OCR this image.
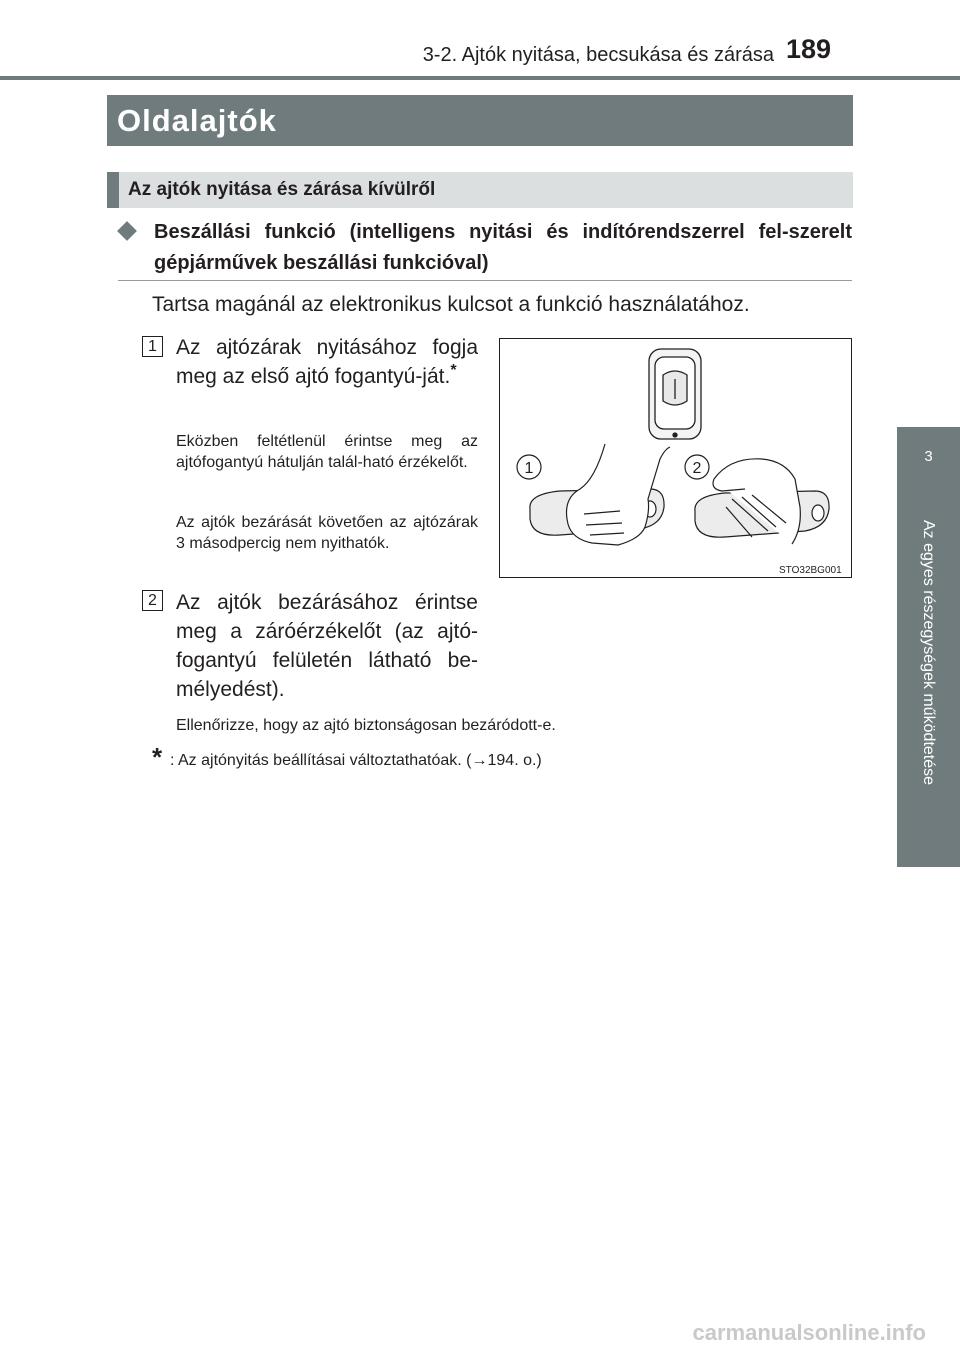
3-2. Ajtók nyitása, becsukása és zárása 189
3
Az egyes részegységek működtetése
Oldalajtók
Az ajtók nyitása és zárása kívülről
Beszállási funkció (intelligens nyitási és indítórendszerrel fel-szerelt gépjárművek beszállási funkcióval)
Tartsa magánál az elektronikus kulcsot a funkció használatához.
1 Az ajtózárak nyitásához fogja meg az első ajtó fogantyú-ját.*
Eközben feltétlenül érintse meg az ajtófogantyú hátulján talál-ható érzékelőt.
Az ajtók bezárását követően az ajtózárak 3 másodpercig nem nyithatók.
2 Az ajtók bezárásához érintse meg a záróérzékelőt (az ajtó-fogantyú felületén látható be-mélyedést).
1	2
STO32BG001
Ellenőrizze, hogy az ajtó biztonságosan bezáródott-e.
* : Az ajtónyitás beállításai változtathatóak. (→194. o.)
carmanualsonline.info
